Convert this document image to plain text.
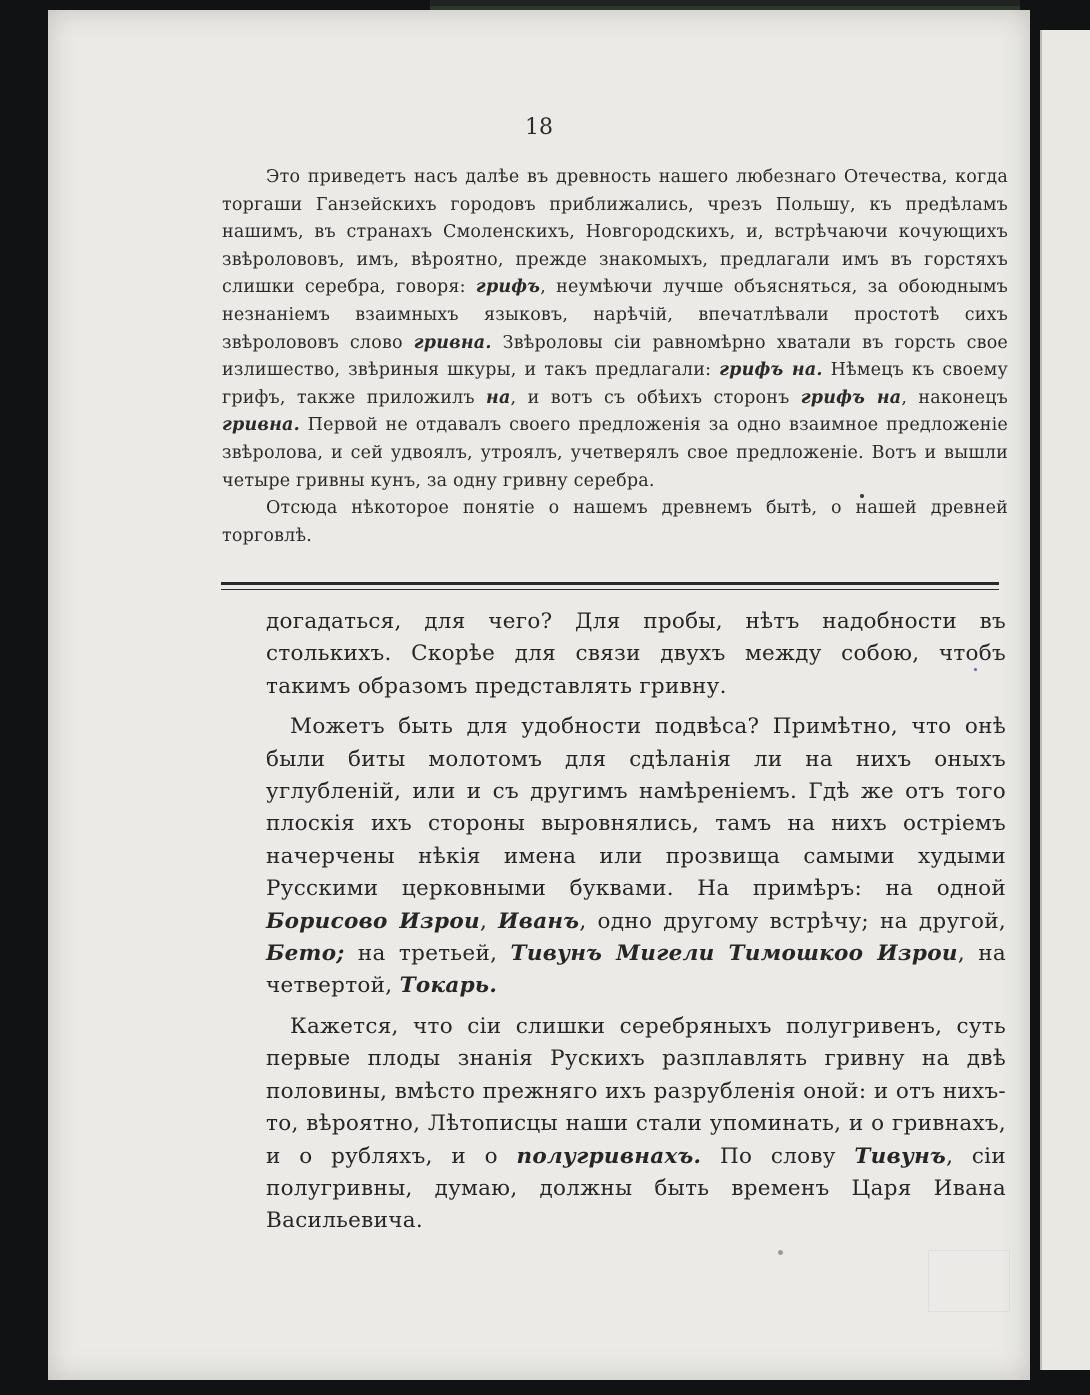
18

Это приведетъ насъ далѣе въ древность нашего любезнаго Отечества, когда торгаши Ганзейскихъ городовъ приближались, чрезъ Польшу, къ предѣламъ нашимъ, въ странахъ Смоленскихъ, Новгородскихъ, и, встрѣчаючи кочующихъ звѣролововъ, имъ, вѣроятно, прежде знакомыхъ, предлагали имъ въ горстяхъ слишки серебра, говоря: грифъ, неумѣючи лучше объясняться, за обоюднымъ незнаніемъ взаимныхъ языковъ, нарѣчій, впечатлѣвали простотѣ сихъ звѣролововъ слово гривна. Звѣроловы сіи равномѣрно хватали въ горсть свое излишество, звѣриныя шкуры, и такъ предлагали: грифъ на. Нѣмецъ къ своему грифъ, также приложилъ на, и вотъ съ обѣихъ сторонъ грифъ на, наконецъ гривна. Первой не отдавалъ своего предложенія за одно взаимное предложеніе звѣролова, и сей удвоялъ, утроялъ, учетверялъ свое предложеніе. Вотъ и вышли четыре гривны кунъ, за одну гривну серебра.

Отсюда нѣкоторое понятіе о нашемъ древнемъ бытѣ, о нашей древней торговлѣ.

догадаться, для чего? Для пробы, нѣтъ надобности въ столькихъ. Скорѣе для связи двухъ между собою, чтобъ такимъ образомъ представлять гривну.

Можетъ быть для удобности подвѣса? Примѣтно, что онѣ были биты молотомъ для сдѣланія ли на нихъ оныхъ углубленій, или и съ другимъ намѣреніемъ. Гдѣ же отъ того плоскія ихъ стороны выровнялись, тамъ на нихъ остріемъ начерчены нѣкія имена или прозвища самыми худыми Русскими церковными буквами. На примѣръ: на одной Борисово Изрои, Иванъ, одно другому встрѣчу; на другой, Бето; на третьей, Тивунъ Мигели Тимошкоо Изрои, на четвертой, Токарь.

Кажется, что сіи слишки серебряныхъ полугривенъ, суть первые плоды знанія Рускихъ разплавлять гривну на двѣ половины, вмѣсто прежняго ихъ разрубленія оной: и отъ нихъ-то, вѣроятно, Лѣтописцы наши стали упоминать, и о гривнахъ, и о рубляхъ, и о полугривнахъ. По слову Тивунъ, сіи полугривны, думаю, должны быть временъ Царя Ивана Васильевича.
